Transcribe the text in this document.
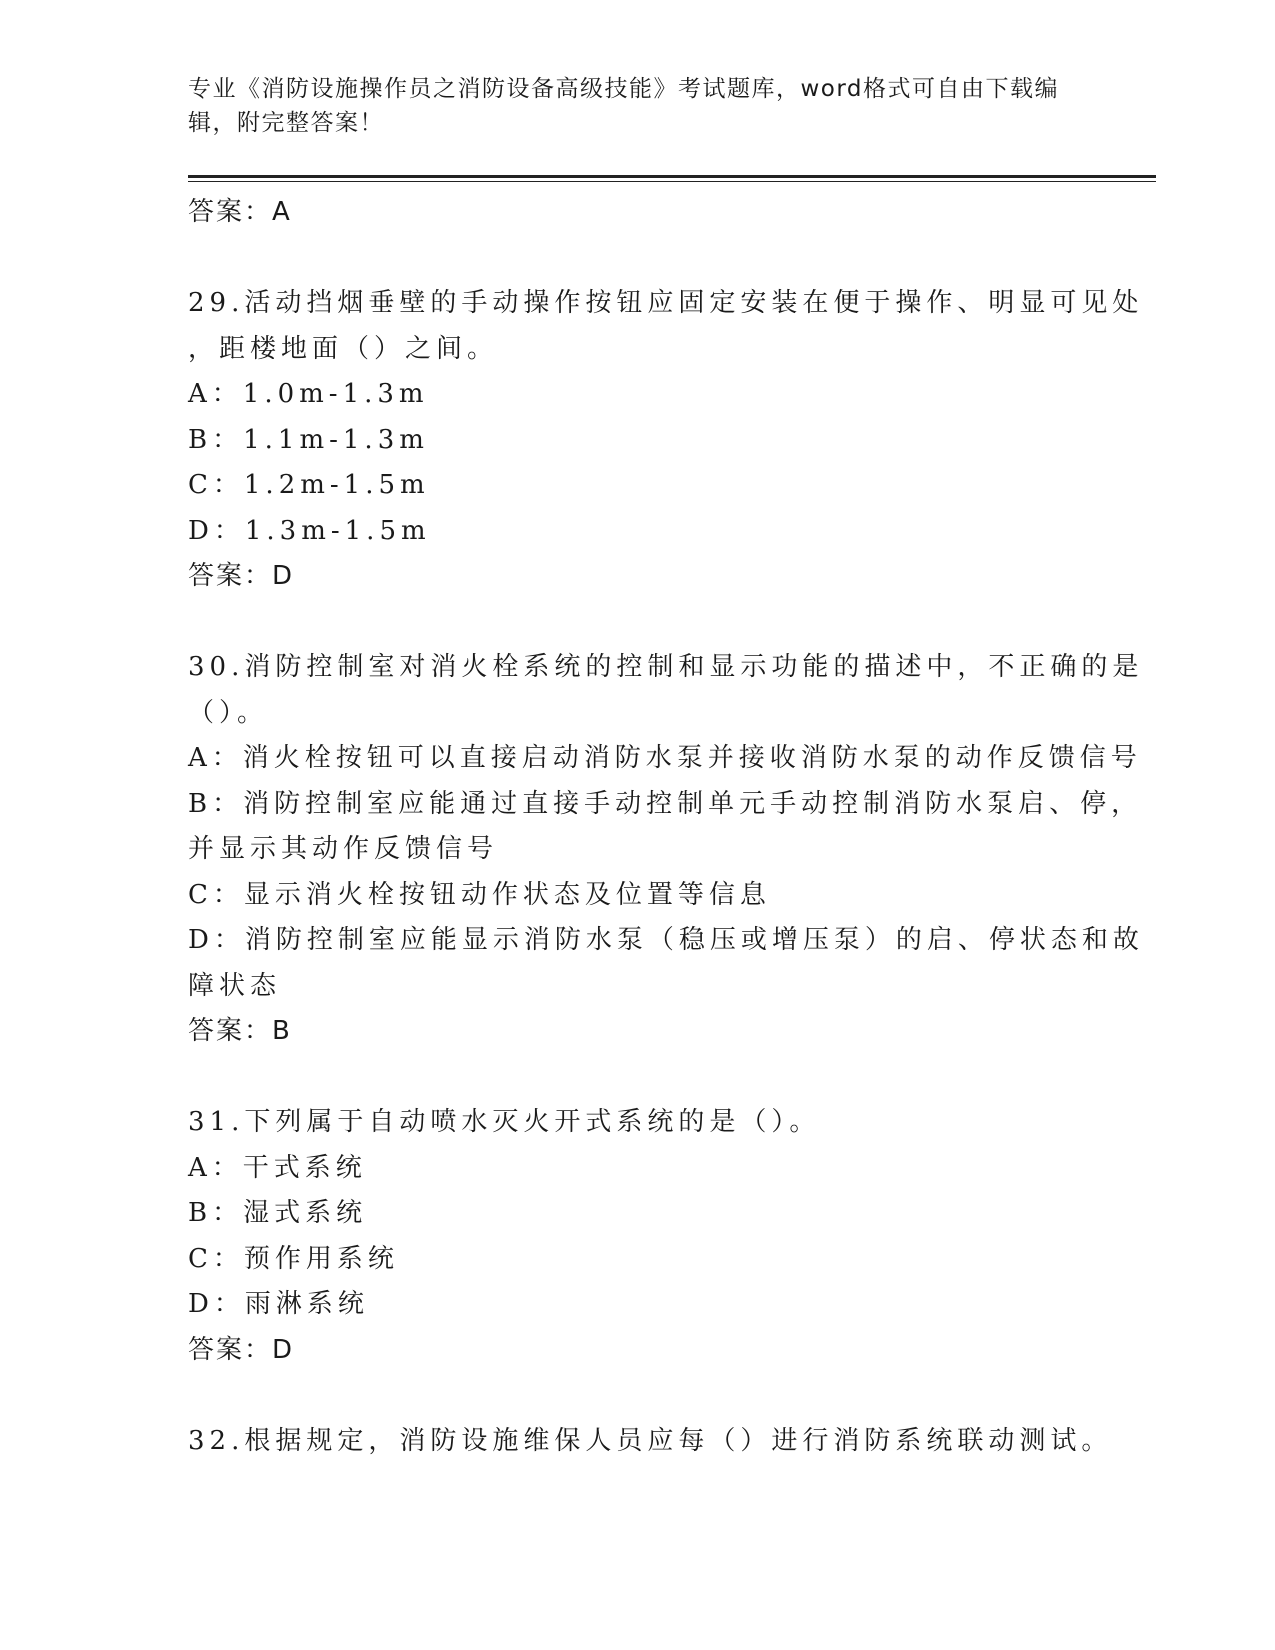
专业《消防设施操作员之消防设备高级技能》考试题库，word格式可自由下载编
辑，附完整答案！
答案：A
29.活动挡烟垂壁的手动操作按钮应固定安装在便于操作、明显可见处
，距楼地面（）之间。
A：1.0m-1.3m
B：1.1m-1.3m
C：1.2m-1.5m
D：1.3m-1.5m
答案：D
30.消防控制室对消火栓系统的控制和显示功能的描述中，不正确的是
（）。
A：消火栓按钮可以直接启动消防水泵并接收消防水泵的动作反馈信号
B：消防控制室应能通过直接手动控制单元手动控制消防水泵启、停，
并显示其动作反馈信号
C：显示消火栓按钮动作状态及位置等信息
D：消防控制室应能显示消防水泵（稳压或增压泵）的启、停状态和故
障状态
答案：B
31.下列属于自动喷水灭火开式系统的是（）。
A：干式系统
B：湿式系统
C：预作用系统
D：雨淋系统
答案：D
32.根据规定，消防设施维保人员应每（）进行消防系统联动测试。
